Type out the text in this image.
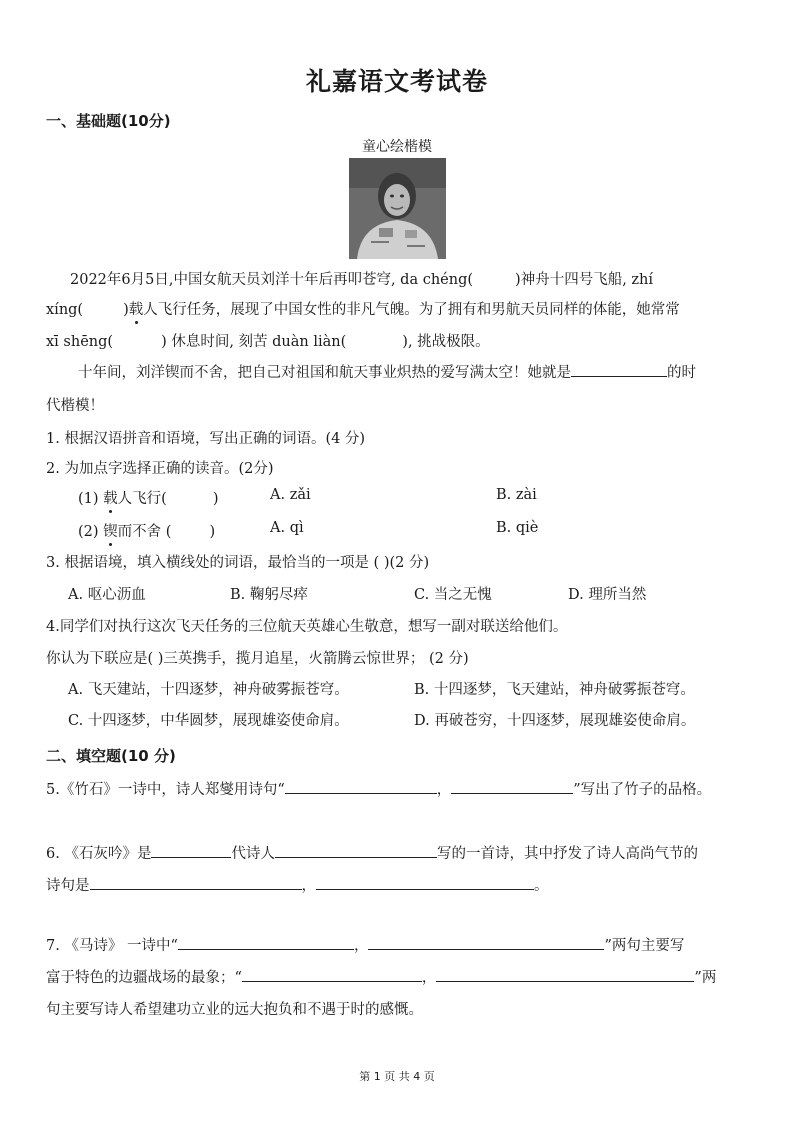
礼嘉语文考试卷
一、基础题(10分)
童心绘楷模
2022年6月5日,中国女航天员刘洋十年后再叩苍穹, da chéng(	)神舟十四号飞船, zhí
xíng(	)载人飞行任务，展现了中国女性的非凡气魄。为了拥有和男航天员同样的体能，她常常
xī shēng(	) 休息时间, 刻苦 duàn liàn(	), 挑战极限。
十年间，刘洋锲而不舍，把自己对祖国和航天事业炽热的爱写满太空！她就是	的时
代楷模！
1. 根据汉语拼音和语境，写出正确的词语。(4 分)
2. 为加点字选择正确的读音。(2分)
(1) 载人飞行(	)	A. zǎi	B. zài
(2) 锲而不舍 (	)	A. qì	B. qiè
3. 根据语境，填入横线处的词语，最恰当的一项是 ( )(2 分)
A. 呕心沥血	B. 鞠躬尽瘁	C. 当之无愧	D. 理所当然
4.同学们对执行这次飞天任务的三位航天英雄心生敬意，想写一副对联送给他们。
你认为下联应是( )三英携手，揽月追星，火箭腾云惊世界； (2 分)
A. 飞天建站，十四逐梦，神舟破雾振苍穹。	B. 十四逐梦，飞天建站，神舟破雾振苍穹。
C. 十四逐梦，中华圆梦，展现雄姿使命肩。	D. 再破苍穷，十四逐梦，展现雄姿使命肩。
二、填空题(10 分)
5.《竹石》一诗中，诗人郑燮用诗句“	，	”写出了竹子的品格。
6. 《石灰吟》是	代诗人	写的一首诗，其中抒发了诗人高尚气节的
诗句是	，	。
7. 《马诗》 一诗中“	，	”两句主要写
富于特色的边疆战场的最象；“	，	”两
句主要写诗人希望建功立业的远大抱负和不遇于时的感慨。
第 1 页 共 4 页
